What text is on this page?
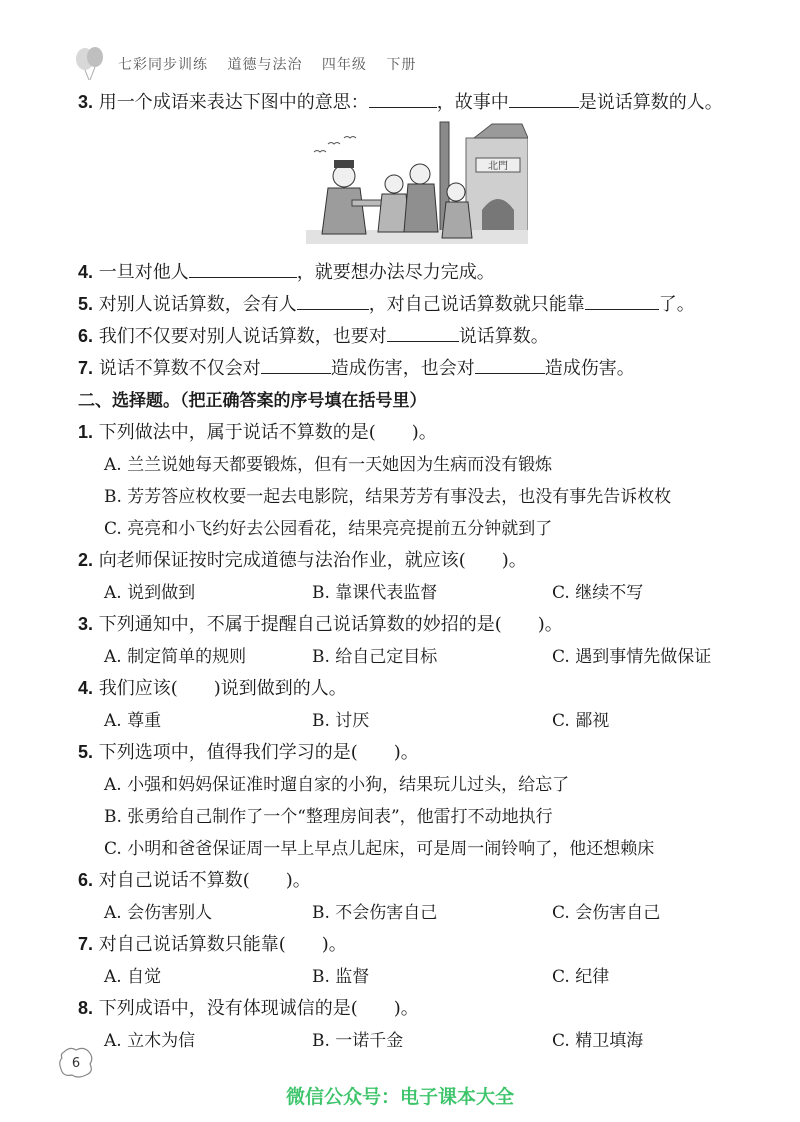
七彩同步训练 道德与法治 四年级 下册
3. 用一个成语来表达下图中的意思：	，故事中	是说话算数的人。
北門
4. 一旦对他人	，就要想办法尽力完成。
5. 对别人说话算数，会有人	，对自己说话算数就只能靠	了。
6. 我们不仅要对别人说话算数，也要对	说话算数。
7. 说话不算数不仅会对	造成伤害，也会对	造成伤害。
二、选择题。（把正确答案的序号填在括号里）
1. 下列做法中，属于说话不算数的是(　　)。
A. 兰兰说她每天都要锻炼，但有一天她因为生病而没有锻炼
B. 芳芳答应枚枚要一起去电影院，结果芳芳有事没去，也没有事先告诉枚枚
C. 亮亮和小飞约好去公园看花，结果亮亮提前五分钟就到了
2. 向老师保证按时完成道德与法治作业，就应该(　　)。
A. 说到做到	B. 靠课代表监督	C. 继续不写
3. 下列通知中，不属于提醒自己说话算数的妙招的是(　　)。
A. 制定简单的规则	B. 给自己定目标	C. 遇到事情先做保证
4. 我们应该(　　)说到做到的人。
A. 尊重	B. 讨厌	C. 鄙视
5. 下列选项中，值得我们学习的是(　　)。
A. 小强和妈妈保证准时遛自家的小狗，结果玩儿过头，给忘了
B. 张勇给自己制作了一个“整理房间表”，他雷打不动地执行
C. 小明和爸爸保证周一早上早点儿起床，可是周一闹铃响了，他还想赖床
6. 对自己说话不算数(　　)。
A. 会伤害别人	B. 不会伤害自己	C. 会伤害自己
7. 对自己说话算数只能靠(　　)。
A. 自觉	B. 监督	C. 纪律
8. 下列成语中，没有体现诚信的是(　　)。
A. 立木为信	B. 一诺千金	C. 精卫填海
6
微信公众号：电子课本大全
